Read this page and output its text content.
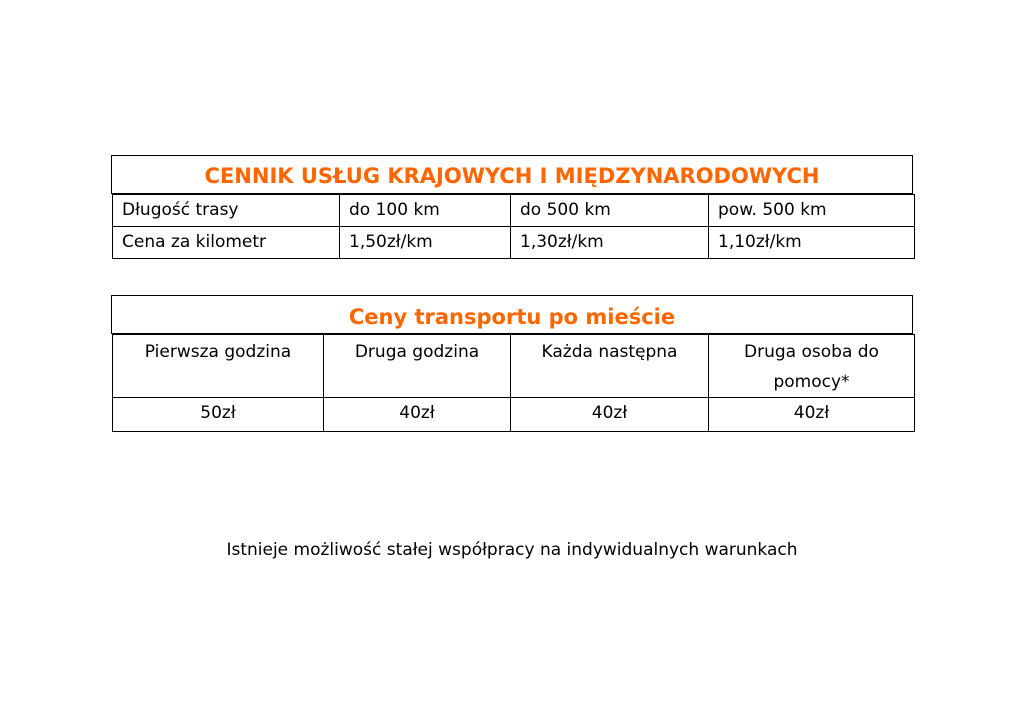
CENNIK USŁUG KRAJOWYCH I MIĘDZYNARODOWYCH
Długość trasy	do 100 km	do 500 km	pow. 500 km
Cena za kilometr	1,50zł/km	1,30zł/km	1,10zł/km
Ceny transportu po mieście
Pierwsza godzina	Druga godzina	Każda następna	Druga osoba do pomocy*
50zł	40zł	40zł	40zł
Istnieje możliwość stałej współpracy na indywidualnych warunkach
